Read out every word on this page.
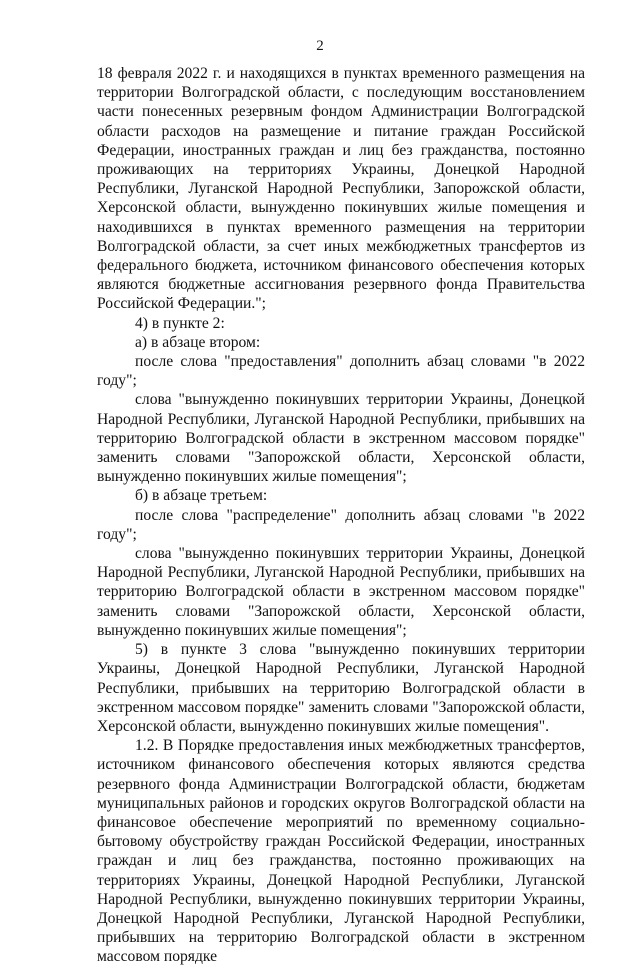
2

18 февраля 2022 г. и находящихся в пунктах временного размещения на территории Волгоградской области, с последующим восстановлением части понесенных резервным фондом Администрации Волгоградской области расходов на размещение и питание граждан Российской Федерации, иностранных граждан и лиц без гражданства, постоянно проживающих на территориях Украины, Донецкой Народной Республики, Луганской Народной Республики, Запорожской области, Херсонской области, вынужденно покинувших жилые помещения и находившихся в пунктах временного размещения на территории Волгоградской области, за счет иных межбюджетных трансфертов из федерального бюджета, источником финансового обеспечения которых являются бюджетные ассигнования резервного фонда Правительства Российской Федерации.";

4) в пункте 2:

а) в абзаце втором:

после слова "предоставления" дополнить абзац словами "в 2022 году";

слова "вынужденно покинувших территории Украины, Донецкой Народной Республики, Луганской Народной Республики, прибывших на территорию Волгоградской области в экстренном массовом порядке" заменить словами "Запорожской области, Херсонской области, вынужденно покинувших жилые помещения";

б) в абзаце третьем:

после слова "распределение" дополнить абзац словами "в 2022 году";

слова "вынужденно покинувших территории Украины, Донецкой Народной Республики, Луганской Народной Республики, прибывших на территорию Волгоградской области в экстренном массовом порядке" заменить словами "Запорожской области, Херсонской области, вынужденно покинувших жилые помещения";

5) в пункте 3 слова "вынужденно покинувших территории Украины, Донецкой Народной Республики, Луганской Народной Республики, прибывших на территорию Волгоградской области в экстренном массовом порядке" заменить словами "Запорожской области, Херсонской области, вынужденно покинувших жилые помещения".

1.2. В Порядке предоставления иных межбюджетных трансфертов, источником финансового обеспечения которых являются средства резервного фонда Администрации Волгоградской области, бюджетам муниципальных районов и городских округов Волгоградской области на финансовое обеспечение мероприятий по временному социально-бытовому обустройству граждан Российской Федерации, иностранных граждан и лиц без гражданства, постоянно проживающих на территориях Украины, Донецкой Народной Республики, Луганской Народной Республики, вынужденно покинувших территории Украины, Донецкой Народной Республики, Луганской Народной Республики, прибывших на территорию Волгоградской области в экстренном массовом порядке
